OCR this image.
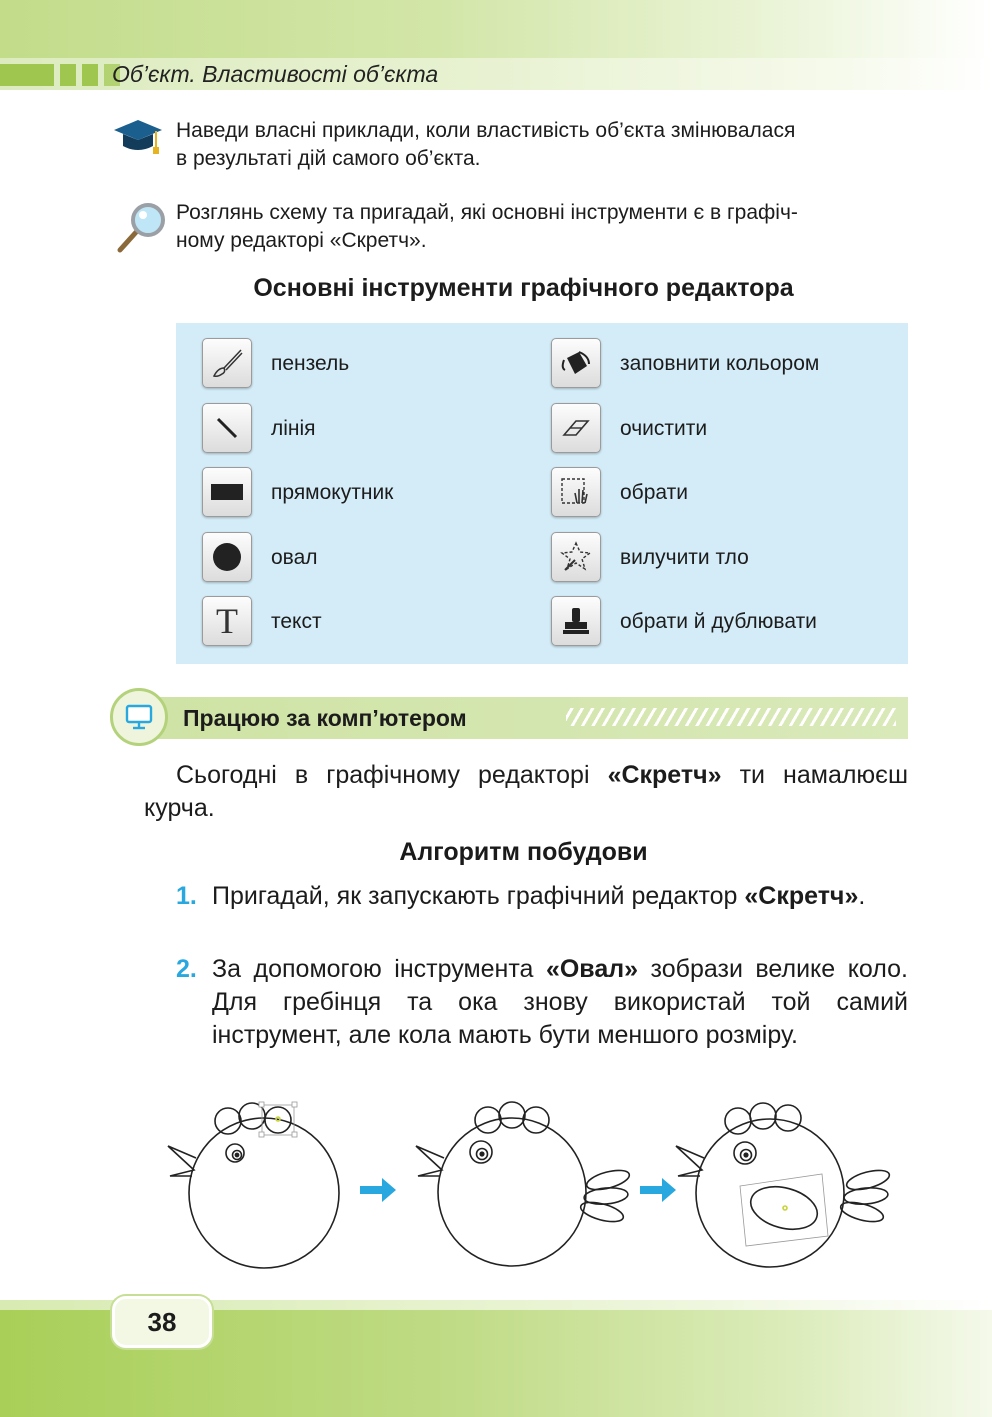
Об’єкт. Властивості об’єкта
Наведи власні приклади, коли властивість об’єкта змінювалася
в результаті дій самого об’єкта.
Розглянь схему та пригадай, які основні інструменти є в графіч-
ному редакторі «Скретч».
Основні інструменти графічного редактора
пензель
лінія
прямокутник
овал
T текст
заповнити кольором
очистити
обрати
вилучити тло
обрати й дублювати
Працюю за комп’ютером
Сьогодні в графічному редакторі «Скретч» ти намалюєш курча.
Алгоритм побудови
1. Пригадай, як запускають графічний редактор «Скретч».
2. За допомогою інструмента «Овал» зобрази велике коло. Для гребінця та ока знову використай той самий інструмент, але кола мають бути меншого розміру.
38
